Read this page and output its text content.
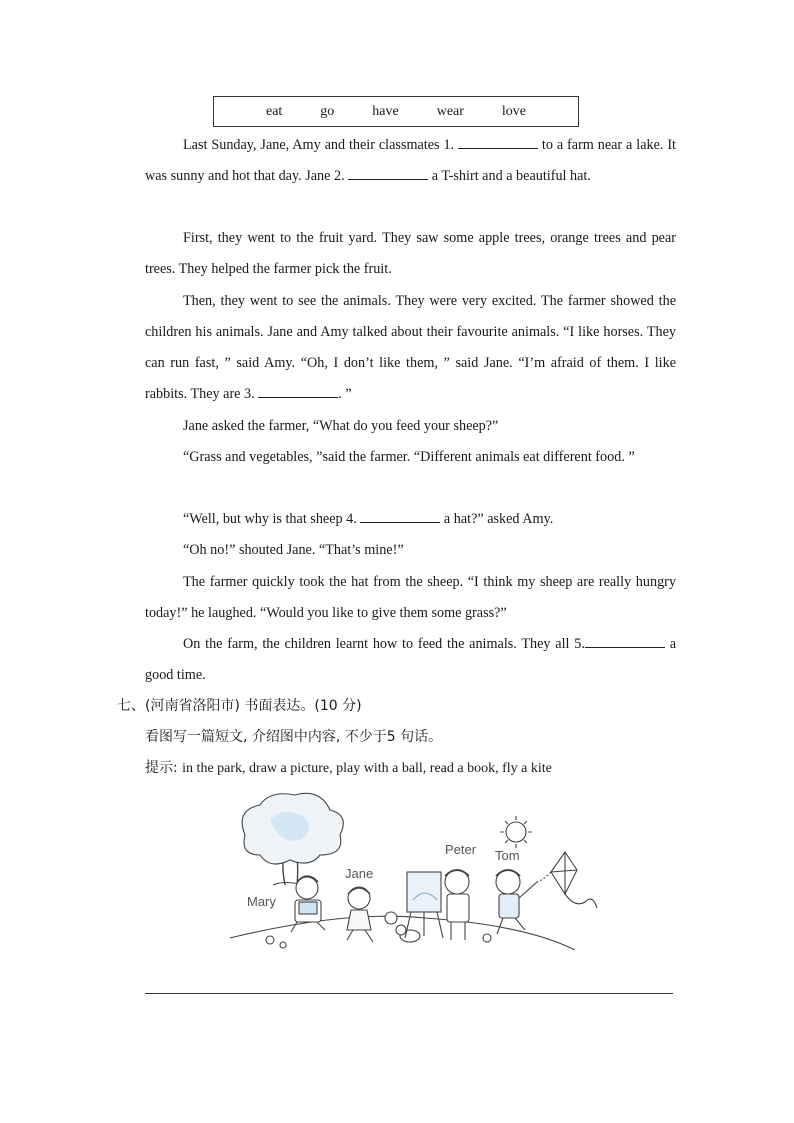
eat	go	have	wear	love
Last Sunday, Jane, Amy and their classmates 1.	to a farm near a lake. It was sunny and hot that day. Jane 2.	a T-shirt and a beautiful hat.
First, they went to the fruit yard. They saw some apple trees, orange trees and pear trees. They helped the farmer pick the fruit.
Then, they went to see the animals. They were very excited. The farmer showed the children his animals. Jane and Amy talked about their favourite animals. “I like horses. They can run fast, ” said Amy. “Oh, I don’t like them, ” said Jane. “I’m afraid of them. I like rabbits. They are 3.	. ”
Jane asked the farmer, “What do you feed your sheep?”
“Grass and vegetables, ”said the farmer. “Different animals eat different food. ”
“Well, but why is that sheep 4.	a hat?” asked Amy.
“Oh no!” shouted Jane. “That’s mine!”
The farmer quickly took the hat from the sheep. “I think my sheep are really hungry today!” he laughed. “Would you like to give them some grass?”
On the farm, the children learnt how to feed the animals. They all 5.	a good time.
七、(河南省洛阳市) 书面表达。(10 分)
看图写一篇短文, 介绍图中内容, 不少于5 句话。
提示: in the park, draw a picture, play with a ball, read a book, fly a kite
Mary
Jane
Peter Tom
